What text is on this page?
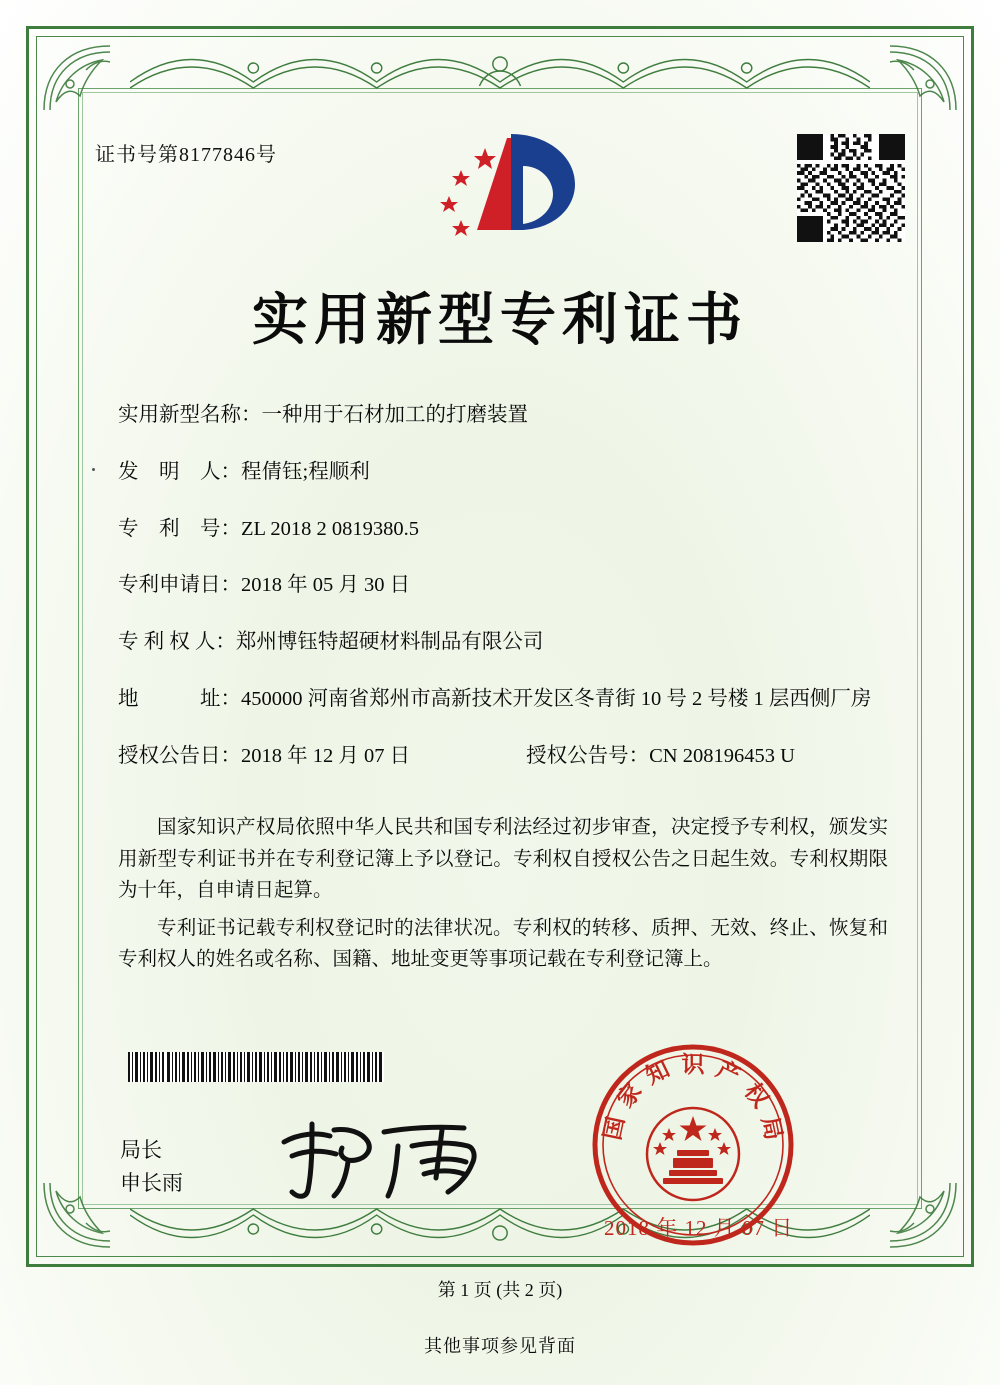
证书号第8177846号
实用新型专利证书
实用新型名称： 一种用于石材加工的打磨装置
发　明　人： 程倩钰;程顺利
专　利　号： ZL 2018 2 0819380.5
专利申请日： 2018 年 05 月 30 日
专 利 权 人： 郑州博钰特超硬材料制品有限公司
地　　　址： 450000 河南省郑州市高新技术开发区冬青街 10 号 2 号楼 1 层西侧厂房
授权公告日： 2018 年 12 月 07 日	授权公告号： CN 208196453 U

国家知识产权局依照中华人民共和国专利法经过初步审查，决定授予专利权，颁发实用新型专利证书并在专利登记簿上予以登记。专利权自授权公告之日起生效。专利权期限为十年，自申请日起算。

专利证书记载专利权登记时的法律状况。专利权的转移、质押、无效、终止、恢复和专利权人的姓名或名称、国籍、地址变更等事项记载在专利登记簿上。

局长
申长雨
识
知
家
国
产
权
局
2018 年 12 月 07 日
第 1 页 (共 2 页)
其他事项参见背面
